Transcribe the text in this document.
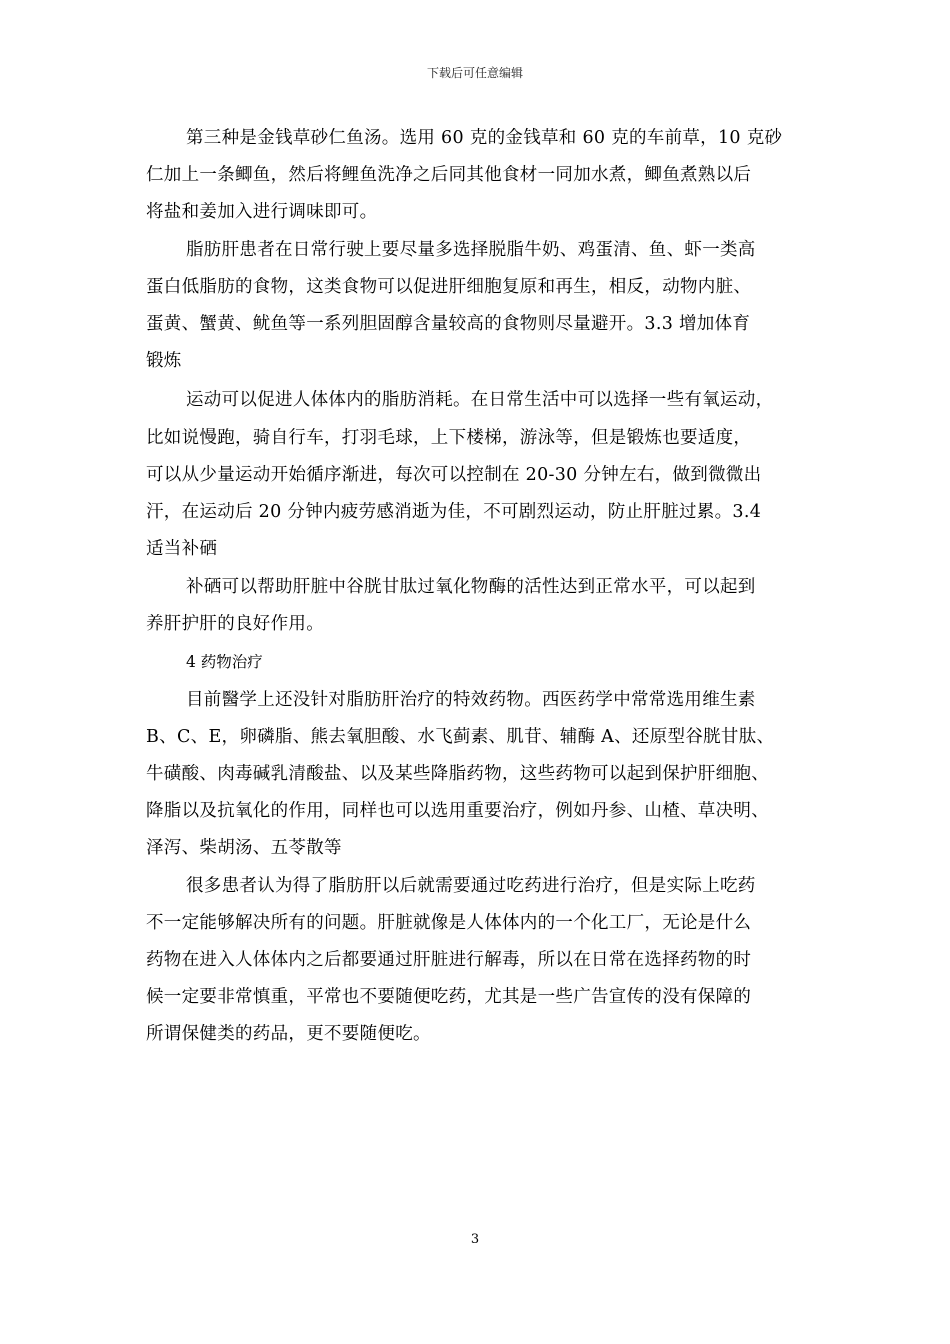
下载后可任意编辑
第三种是金钱草砂仁鱼汤。选用 60 克的金钱草和 60 克的车前草，10 克砂
仁加上一条鲫鱼，然后将鲤鱼洗净之后同其他食材一同加水煮，鲫鱼煮熟以后
将盐和姜加入进行调味即可。
脂肪肝患者在日常行驶上要尽量多选择脱脂牛奶、鸡蛋清、鱼、虾一类高
蛋白低脂肪的食物，这类食物可以促进肝细胞复原和再生，相反，动物内脏、
蛋黄、蟹黄、鱿鱼等一系列胆固醇含量较高的食物则尽量避开。3.3 增加体育
锻炼
运动可以促进人体体内的脂肪消耗。在日常生活中可以选择一些有氧运动，
比如说慢跑，骑自行车，打羽毛球，上下楼梯，游泳等，但是锻炼也要适度，
可以从少量运动开始循序渐进，每次可以控制在 20-30 分钟左右，做到微微出
汗，在运动后 20 分钟内疲劳感消逝为佳，不可剧烈运动，防止肝脏过累。3.4
适当补硒
补硒可以帮助肝脏中谷胱甘肽过氧化物酶的活性达到正常水平，可以起到
养肝护肝的良好作用。
4 药物治疗
目前醫学上还没针对脂肪肝治疗的特效药物。西医药学中常常选用维生素
B、C、E，卵磷脂、熊去氧胆酸、水飞蓟素、肌苷、辅酶 A、还原型谷胱甘肽、
牛磺酸、肉毒碱乳清酸盐、以及某些降脂药物，这些药物可以起到保护肝细胞、
降脂以及抗氧化的作用，同样也可以选用重要治疗，例如丹参、山楂、草决明、
泽泻、柴胡汤、五苓散等
很多患者认为得了脂肪肝以后就需要通过吃药进行治疗，但是实际上吃药
不一定能够解决所有的问题。肝脏就像是人体体内的一个化工厂，无论是什么
药物在进入人体体内之后都要通过肝脏进行解毒，所以在日常在选择药物的时
候一定要非常慎重，平常也不要随便吃药，尤其是一些广告宣传的没有保障的
所谓保健类的药品，更不要随便吃。
3
